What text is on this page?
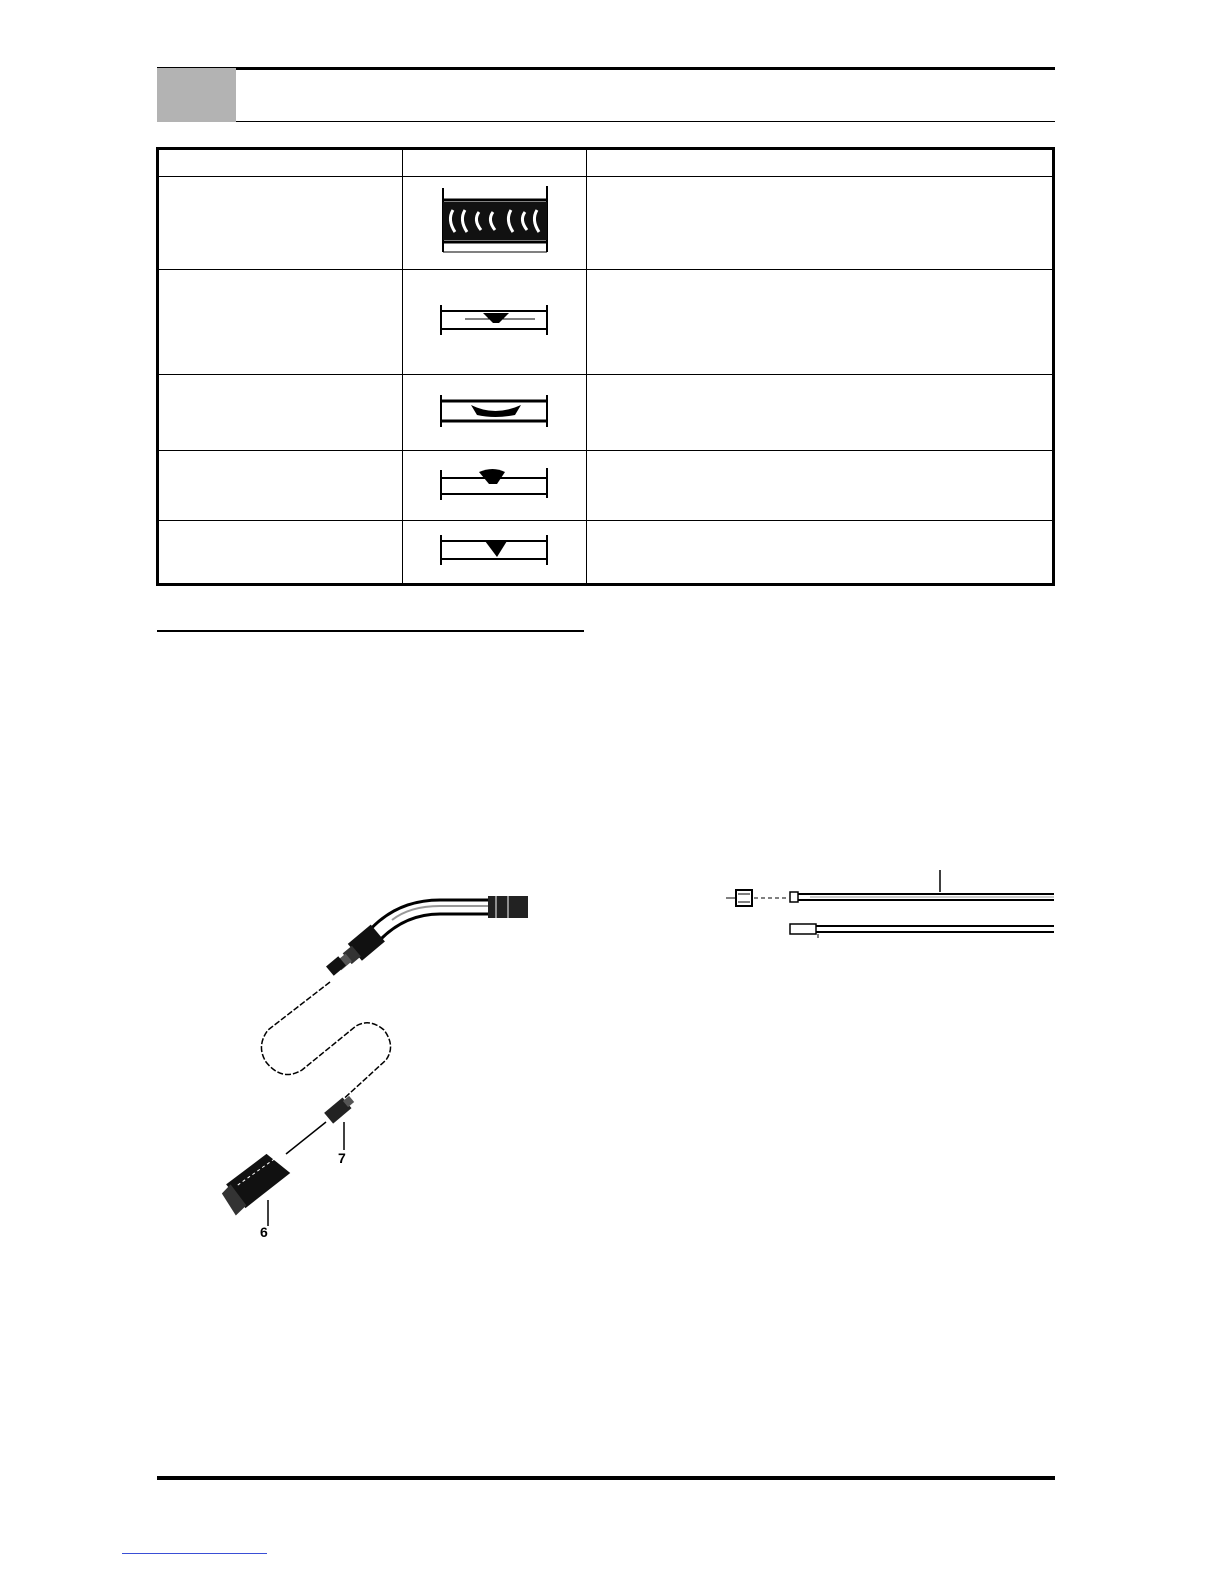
7
6
